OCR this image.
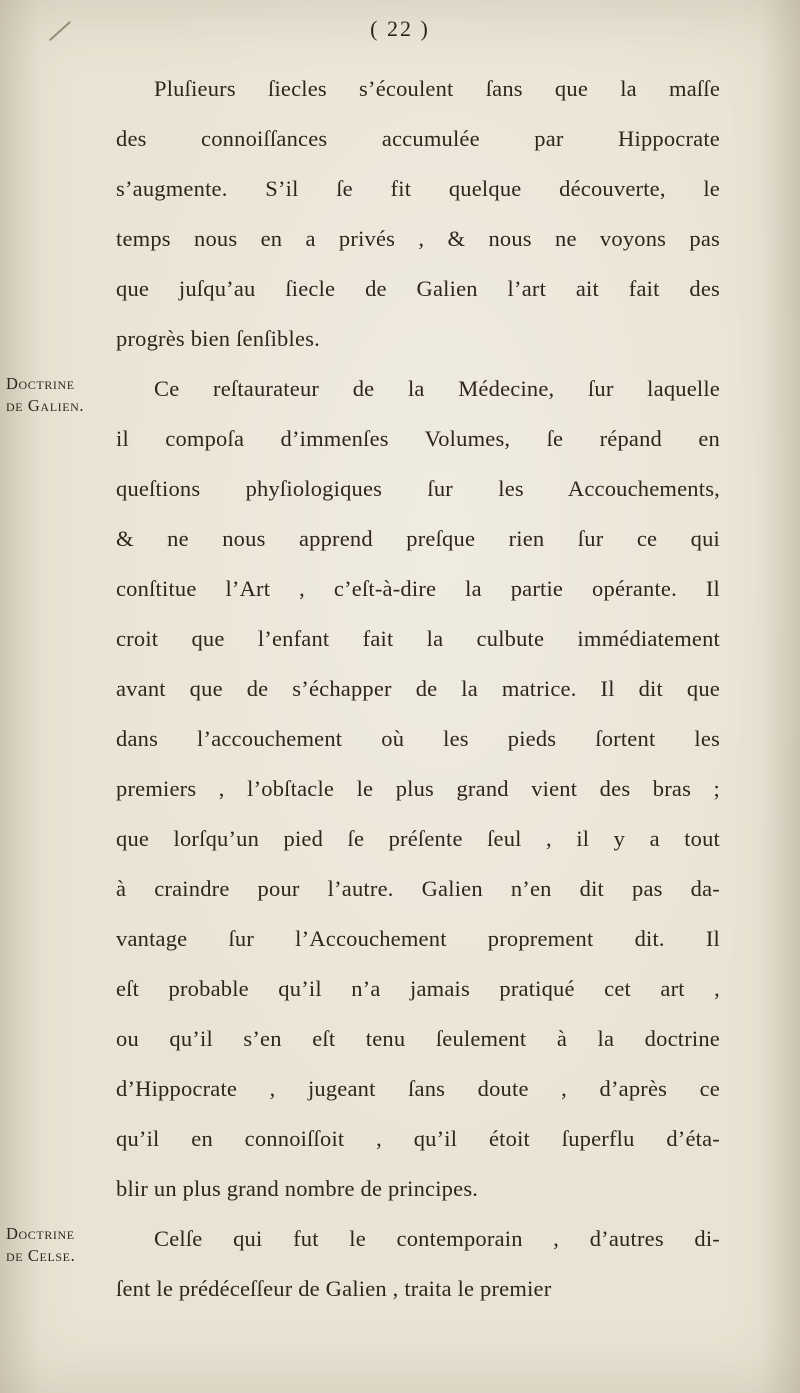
( 22 )

Pluſieurs ſiecles s’écoulent ſans que la maſſe

des connoiſſances accumulée par Hippocrate

s’augmente. S’il ſe fit quelque découverte, le

temps nous en a privés , & nous ne voyons pas

que juſqu’au ſiecle de Galien l’art ait fait des

progrès bien ſenſibles.

Doctrine
de Galien.

Ce reſtaurateur de la Médecine, ſur laquelle

il compoſa d’immenſes Volumes, ſe répand en

queſtions phyſiologiques ſur les Accouchements,

& ne nous apprend preſque rien ſur ce qui

conſtitue l’Art , c’eſt-à-dire la partie opérante. Il

croit que l’enfant fait la culbute immédiatement

avant que de s’échapper de la matrice. Il dit que

dans l’accouchement où les pieds ſortent les

premiers , l’obſtacle le plus grand vient des bras ;

que lorſqu’un pied ſe préſente ſeul , il y a tout

à craindre pour l’autre. Galien n’en dit pas da-

vantage ſur l’Accouchement proprement dit. Il

eſt probable qu’il n’a jamais pratiqué cet art ,

ou qu’il s’en eſt tenu ſeulement à la doctrine

d’Hippocrate , jugeant ſans doute , d’après ce

qu’il en connoiſſoit , qu’il étoit ſuperflu d’éta-

blir un plus grand nombre de principes.

Doctrine
de Celse.

Celſe qui fut le contemporain , d’autres di-

ſent le prédéceſſeur de Galien , traita le premier
